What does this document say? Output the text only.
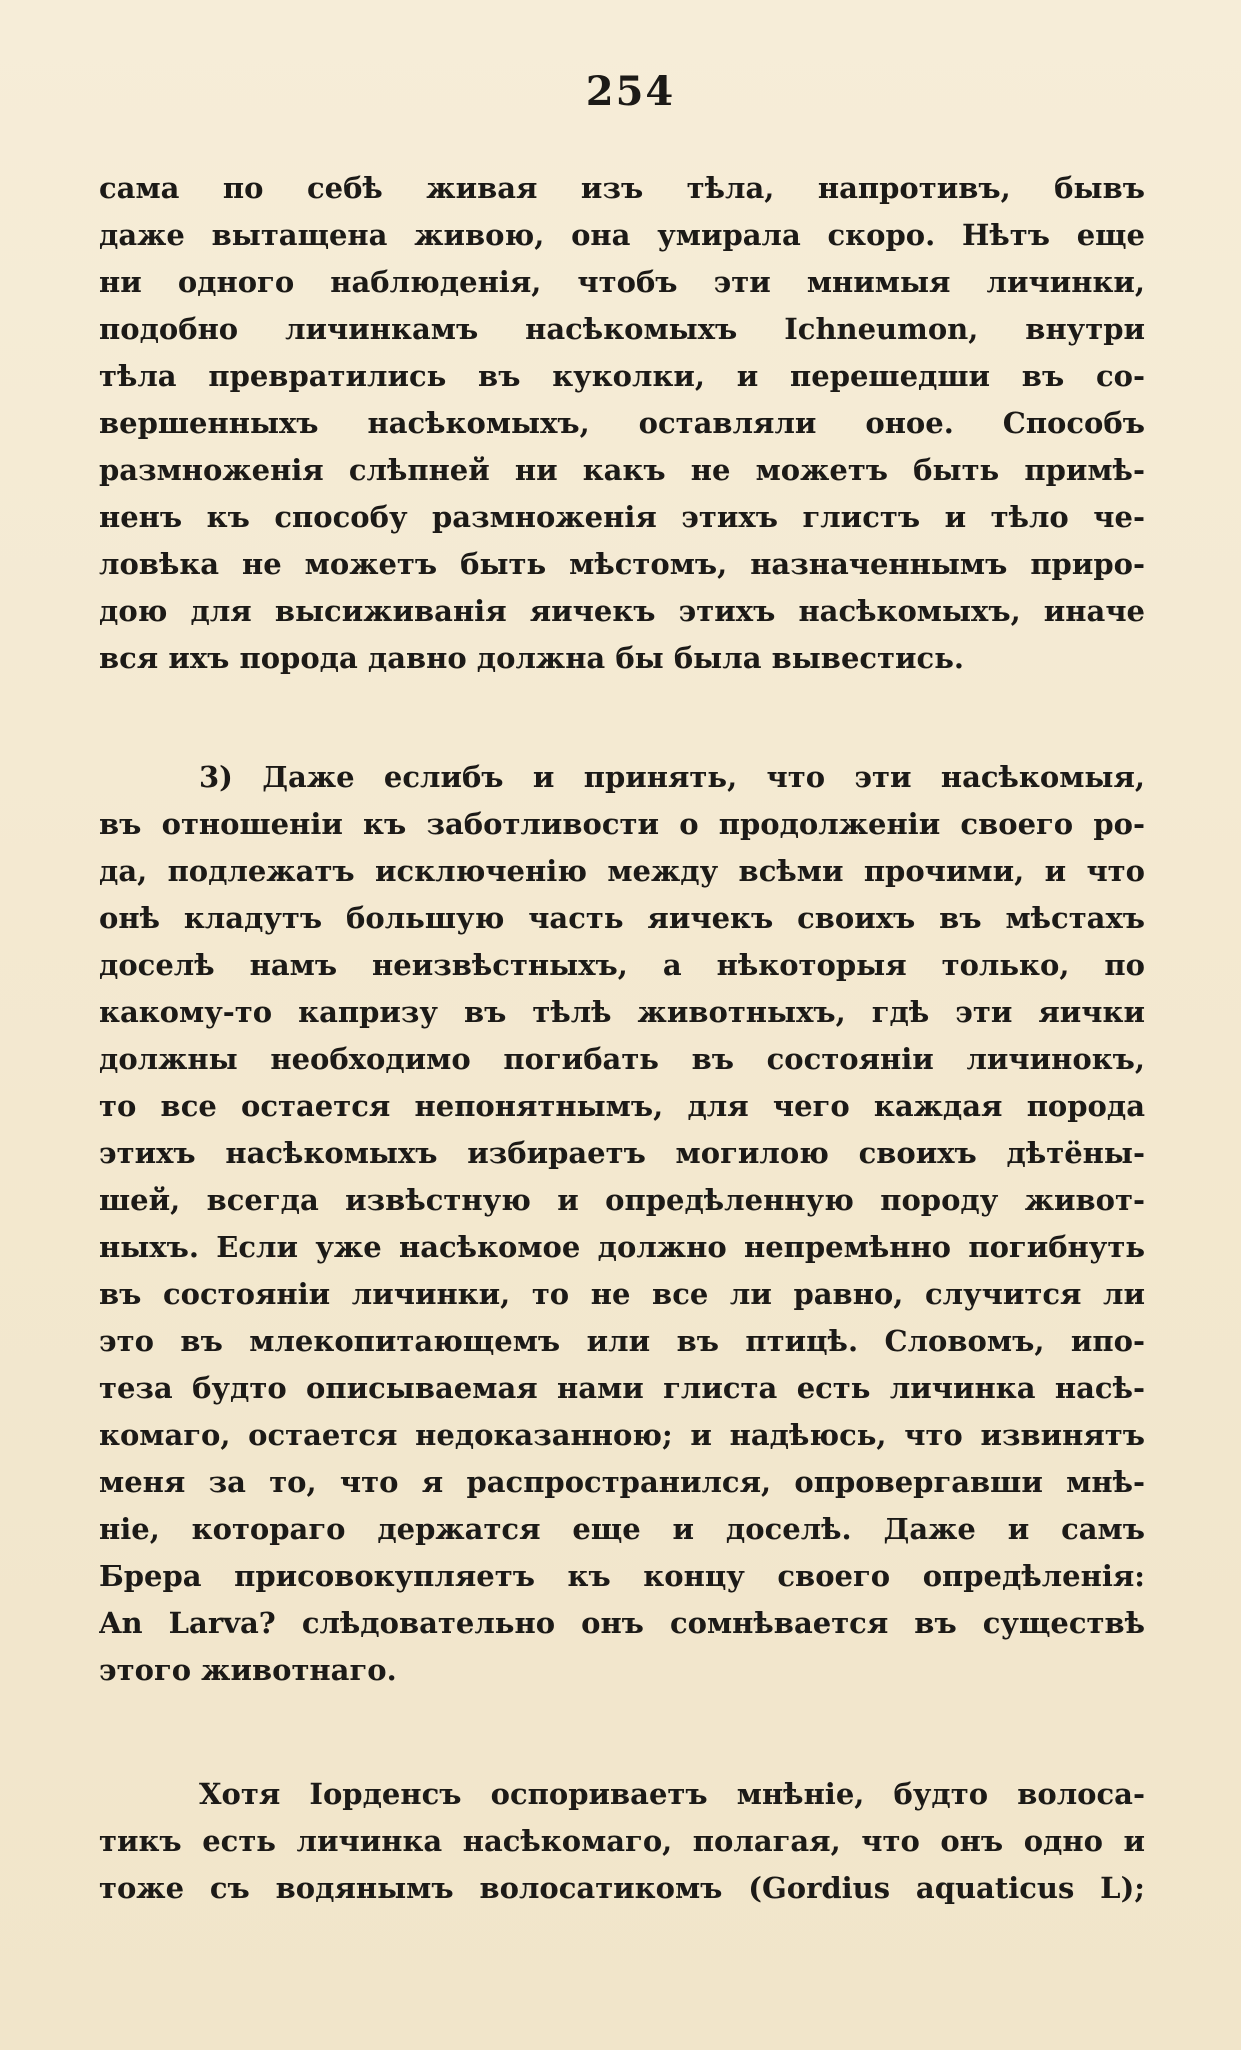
254
сама по себѣ живая изъ тѣла, напротивъ, бывъ
даже вытащена живою, она умирала скоро. Нѣтъ еще
ни одного наблюденія, чтобъ эти мнимыя личинки,
подобно личинкамъ насѣкомыхъ Ichneumon, внутри
тѣла превратились въ куколки, и перешедши въ со-
вершенныхъ насѣкомыхъ, оставляли оное. Способъ
размноженія слѣпней ни какъ не можетъ быть примѣ-
ненъ къ способу размноженія этихъ глистъ и тѣло че-
ловѣка не можетъ быть мѣстомъ, назначеннымъ приро-
дою для высиживанія яичекъ этихъ насѣкомыхъ, иначе
вся ихъ порода давно должна бы была вывестись.
3) Даже еслибъ и принять, что эти насѣкомыя,
въ отношеніи къ заботливости о продолженіи своего ро-
да, подлежатъ исключенію между всѣми прочими, и что
онѣ кладутъ большую часть яичекъ своихъ въ мѣстахъ
доселѣ намъ неизвѣстныхъ, а нѣкоторыя только, по
какому-то капризу въ тѣлѣ животныхъ, гдѣ эти яички
должны необходимо погибать въ состояніи личинокъ,
то все остается непонятнымъ, для чего каждая порода
этихъ насѣкомыхъ избираетъ могилою своихъ дѣтёны-
шей, всегда извѣстную и опредѣленную породу живот-
ныхъ. Если уже насѣкомое должно непремѣнно погибнуть
въ состояніи личинки, то не все ли равно, случится ли
это въ млекопитающемъ или въ птицѣ. Словомъ, ипо-
теза будто описываемая нами глиста есть личинка насѣ-
комаго, остается недоказанною; и надѣюсь, что извинятъ
меня за то, что я распространился, опровергавши мнѣ-
ніе, котораго держатся еще и доселѣ. Даже и самъ
Брера присовокупляетъ къ концу своего опредѣленія:
An Larva? слѣдовательно онъ сомнѣвается въ существѣ
этого животнаго.
Хотя Іорденсъ оспориваетъ мнѣніе, будто волоса-
тикъ есть личинка насѣкомаго, полагая, что онъ одно и
тоже съ водянымъ волосатикомъ (Gordius aquaticus L);
